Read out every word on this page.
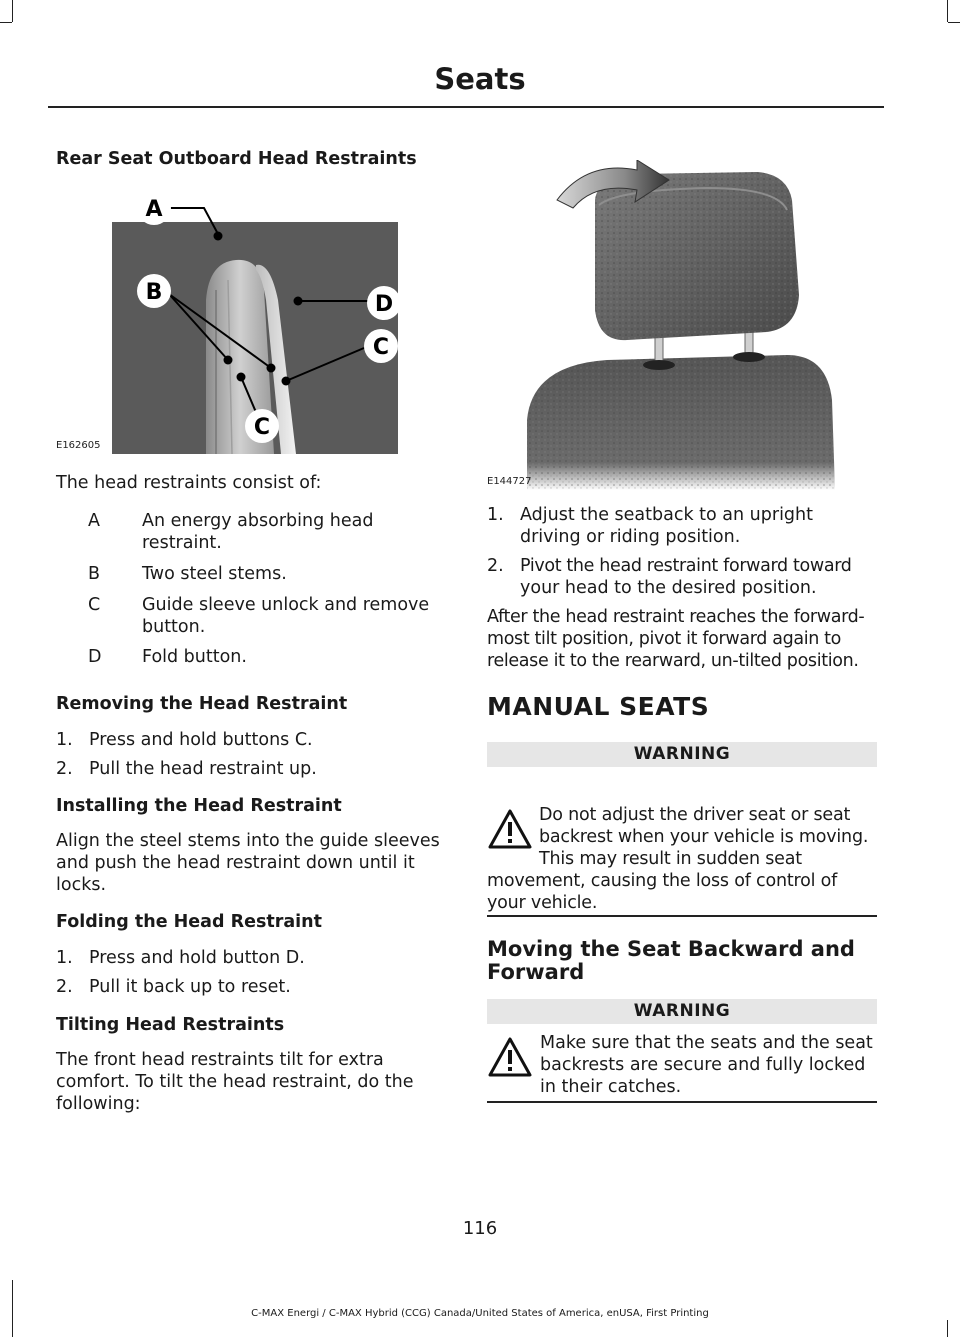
Seats
Rear Seat Outboard Head Restraints
A
B	D
C
C
E162605
The head restraints consist of:
A An energy absorbing head restraint.
B Two steel stems.
C Guide sleeve unlock and remove button.
D Fold button.
Removing the Head Restraint
1. Press and hold buttons C.
2. Pull the head restraint up.
Installing the Head Restraint
Align the steel stems into the guide sleeves and push the head restraint down until it locks.
Folding the Head Restraint
1. Press and hold button D.
2. Pull it back up to reset.
Tilting Head Restraints
The front head restraints tilt for extra comfort. To tilt the head restraint, do the following:
E144727
1. Adjust the seatback to an upright
driving or riding position.
2. Pivot the head restraint forward toward
your head to the desired position.
After the head restraint reaches the forward-most tilt position, pivot it forward again to release it to the rearward, un-tilted position.
MANUAL SEATS
WARNING
Do not adjust the driver seat or seat backrest when your vehicle is moving. This may result in sudden seat movement, causing the loss of control of your vehicle.
Moving the Seat Backward and Forward
WARNING
Make sure that the seats and the seat backrests are secure and fully locked in their catches.
116
C-MAX Energi / C-MAX Hybrid (CCG) Canada/United States of America, enUSA, First Printing
